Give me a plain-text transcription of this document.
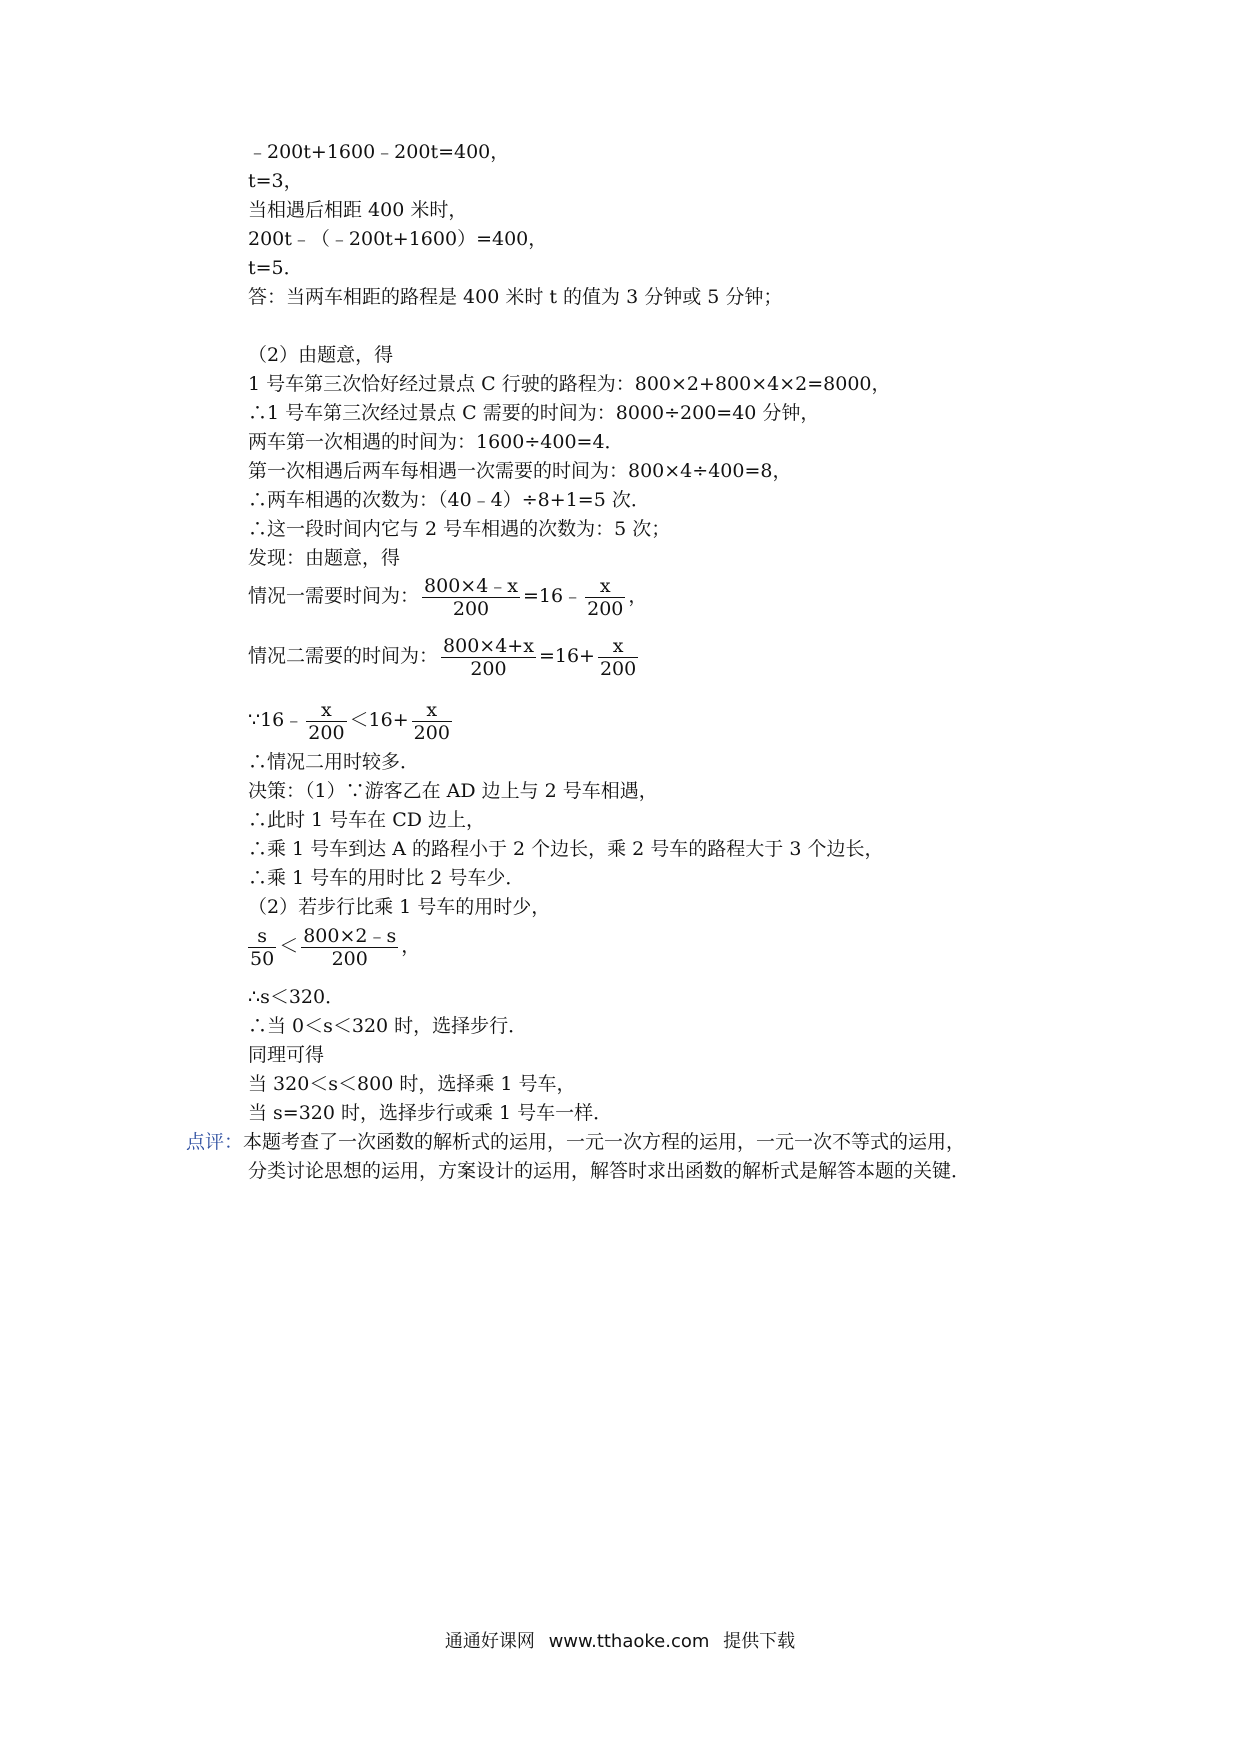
﹣200t+1600﹣200t=400，
t=3，
当相遇后相距 400 米时，
200t﹣（﹣200t+1600）=400，
t=5．
答：当两车相距的路程是 400 米时 t 的值为 3 分钟或 5 分钟；
（2）由题意，得
1 号车第三次恰好经过景点 C 行驶的路程为：800×2+800×4×2=8000，
∴1 号车第三次经过景点 C 需要的时间为：8000÷200=40 分钟，
两车第一次相遇的时间为：1600÷400=4．
第一次相遇后两车每相遇一次需要的时间为：800×4÷400=8，
∴两车相遇的次数为：（40﹣4）÷8+1=5 次．
∴这一段时间内它与 2 号车相遇的次数为：5 次；
发现：由题意，得
情况一需要时间为： $\frac{800\times 4﹣x}{200}$ =16﹣ $\frac{x}{200}$ ，
情况二需要的时间为： $\frac{800\times 4+x}{200} =16+ \frac{x}{200}$
∵16﹣ $\frac{x}{200} <16+ \frac{x}{200}$
∴情况二用时较多．
决策：（1）∵游客乙在 AD 边上与 2 号车相遇，
∴此时 1 号车在 CD 边上，
∴乘 1 号车到达 A 的路程小于 2 个边长，乘 2 号车的路程大于 3 个边长，
∴乘 1 号车的用时比 2 号车少．
（2）若步行比乘 1 号车的用时少，
$\frac{s}{50} < \frac{800\times 2﹣s}{200}$ ，
∴s＜320．
∴当 0＜s＜320 时，选择步行．
同理可得
当 320＜s＜800 时，选择乘 1 号车，
当 s=320 时，选择步行或乘 1 号车一样．
点评：本题考查了一次函数的解析式的运用，一元一次方程的运用，一元一次不等式的运用，
分类讨论思想的运用，方案设计的运用，解答时求出函数的解析式是解答本题的关键．
通通好课网 www.tthaoke.com 提供下载
